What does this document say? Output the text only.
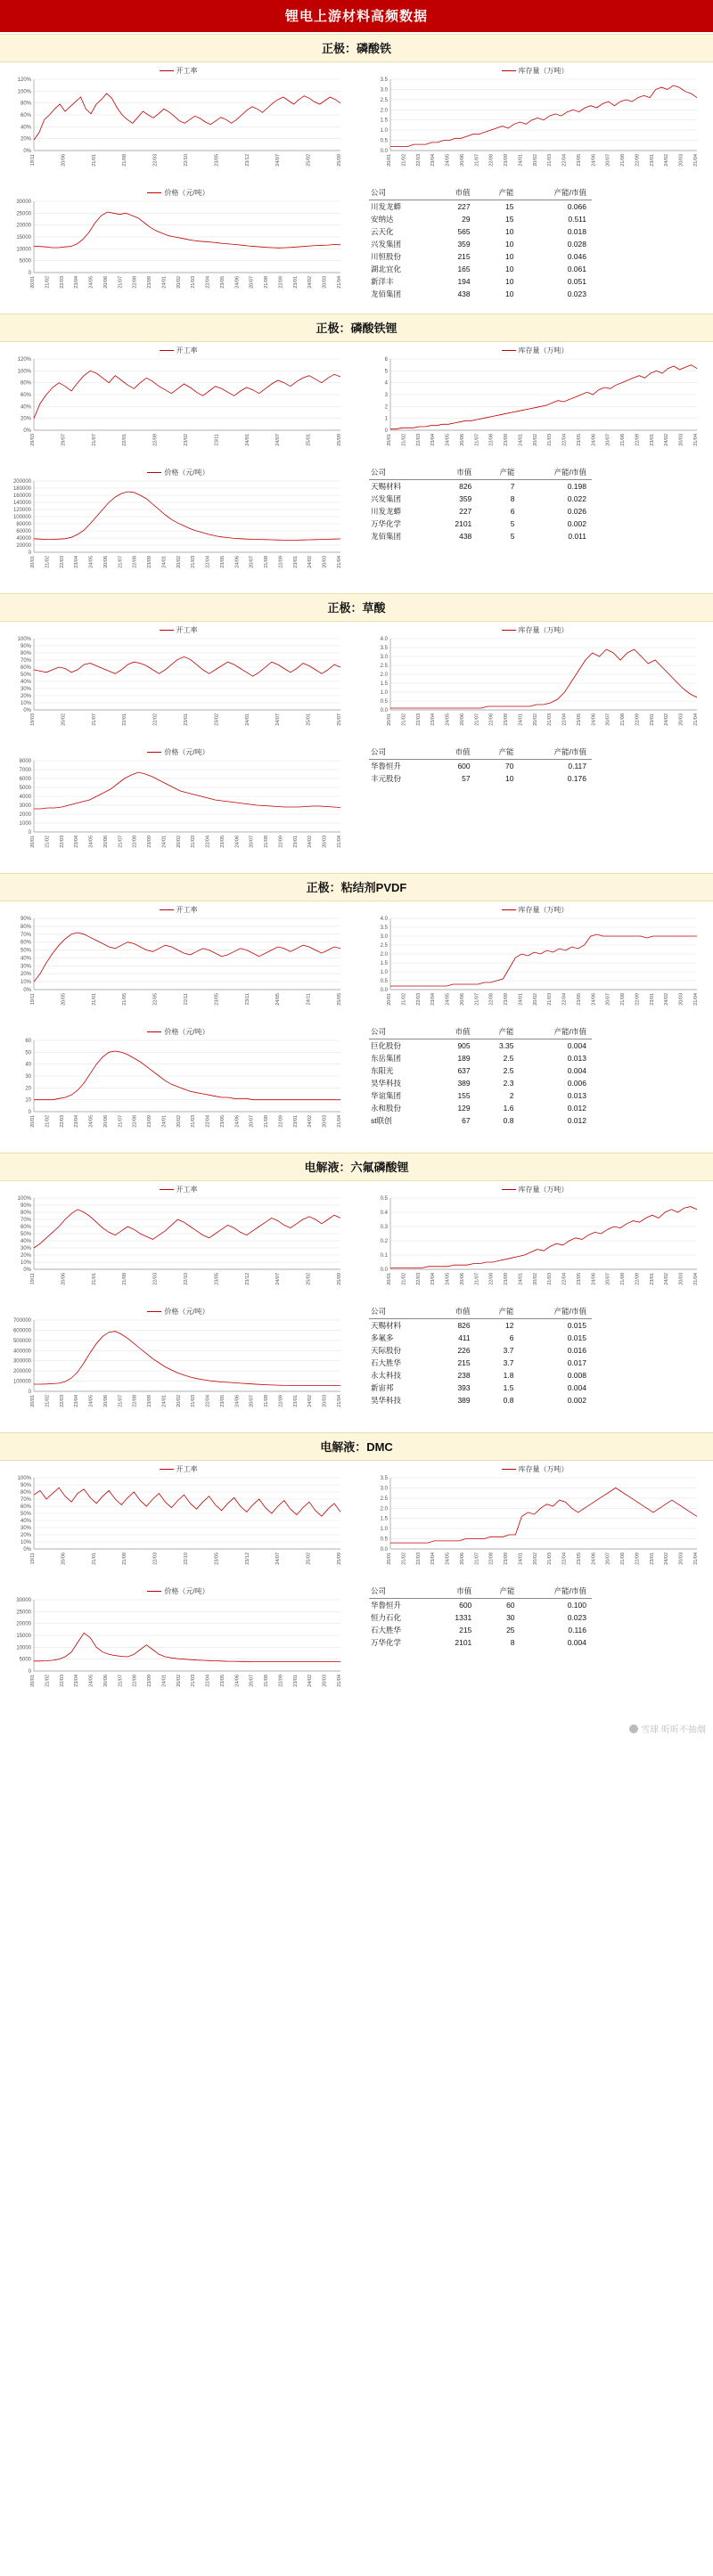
锂电上游材料高频数据
正极：磷酸铁
开工率
0%
20%
40%
60%
80%
100%
120%
19/11	20/06	21/01	21/08	22/03	22/10	23/05	23/12	24/07	25/02	25/09
价格（元/吨）
0
5000
10000
15000
20000
25000
30000
20/01 21/02 22/03 23/04 24/05 20/06 21/07 22/08 23/09 24/01 20/02 21/03 22/04 23/05 24/06 20/07 21/08 22/09 23/01 24/02 20/03 21/04
库存量（万吨）
0.0
0.5
1.0
1.5
2.0
2.5
3.0
3.5
20/01 21/02 22/03 23/04 24/05 20/06 21/07 22/08 23/09 24/01 20/02 21/03 22/04 23/05 24/06 20/07 21/08 22/09 23/01 24/02 20/03 21/04
公司	市值	产能	产能/市值
川发龙蟒	227	15	0.066
安纳达	29	15	0.511
云天化	565	10	0.018
兴发集团	359	10	0.028
川恒股份	215	10	0.046
湖北宜化	165	10	0.061
新洋丰	194	10	0.051
龙佰集团	438	10	0.023
正极：磷酸铁锂
开工率
0%
20%
40%
60%
80%
100%
120%
29/03	29/07	21/07	22/01	22/09	23/02	23/11	24/01	24/07	25/01	25/09
价格（元/吨）
0
20000
40000
60000
80000
100000
120000
140000
160000
180000
200000
20/01 21/02 22/03 23/04 24/05 20/06 21/07 22/08 23/09 24/01 20/02 21/03 22/04 23/05 24/06 20/07 21/08 22/09 23/01 24/02 20/03 21/04
库存量（万吨）
0
1
2
3
4
5
6
20/01 21/02 22/03 23/04 24/05 20/06 21/07 22/08 23/09 24/01 20/02 21/03 22/04 23/05 24/06 20/07 21/08 22/09 23/01 24/02 20/03 21/04
公司	市值	产能	产能/市值
天赐材料	826	7	0.198
兴发集团	359	8	0.022
川发龙蟒	227	6	0.026
万华化学	2101	5	0.002
龙佰集团	438	5	0.011
正极：草酸
开工率
0%
10%
20%
30%
40%
50%
60%
70%
80%
90%
100%
19/03	20/02	21/07	22/01	22/02	23/01	23/02	24/01	24/07	25/01	25/07
价格（元/吨）
0
1000
2000
3000
4000
5000
6000
7000
8000
20/01 21/02 22/03 23/04 24/05 20/06 21/07 22/08 23/09 24/01 20/02 21/03 22/04 23/05 24/06 20/07 21/08 22/09 23/01 24/02 20/03 21/04
库存量（万吨）
0.0
0.5
1.0
1.5
2.0
2.5
3.0
3.5
4.0
20/01 21/02 22/03 23/04 24/05 20/06 21/07 22/08 23/09 24/01 20/02 21/03 22/04 23/05 24/06 20/07 21/08 22/09 23/01 24/02 20/03 21/04
公司	市值	产能	产能/市值
华鲁恒升	600	70	0.117
丰元股份	57	10	0.176
正极：粘结剂PVDF
开工率
0%
10%
20%
30%
40%
50%
60%
70%
80%
90%
19/11	20/05	21/01	21/05	22/05	22/11	23/05	23/11	24/05	24/11	25/05
价格（元/吨）
0
10
20
30
40
50
60
20/01 21/02 22/03 23/04 24/05 20/06 21/07 22/08 23/09 24/01 20/02 21/03 22/04 23/05 24/06 20/07 21/08 22/09 23/01 24/02 20/03 21/04
库存量（万吨）
0.0
0.5
1.0
1.5
2.0
2.5
3.0
3.5
4.0
20/01 21/02 22/03 23/04 24/05 20/06 21/07 22/08 23/09 24/01 20/02 21/03 22/04 23/05 24/06 20/07 21/08 22/09 23/01 24/02 20/03 21/04
公司	市值	产能	产能/市值
巨化股份	905	3.35	0.004
东岳集团	189	2.5	0.013
东阳光	637	2.5	0.004
昊华科技	389	2.3	0.006
华谊集团	155	2	0.013
永和股份	129	1.6	0.012
st联创	67	0.8	0.012
电解液：六氟磷酸锂
开工率
0%
10%
20%
30%
40%
50%
60%
70%
80%
90%
100%
19/11	20/06	21/01	21/08	22/03	22/10	23/05	23/12	24/07	25/02	25/09
价格（元/吨）
0
100000
200000
300000
400000
500000
600000
700000
20/01 21/02 22/03 23/04 24/05 20/06 21/07 22/08 23/09 24/01 20/02 21/03 22/04 23/05 24/06 20/07 21/08 22/09 23/01 24/02 20/03 21/04
库存量（万吨）
0.0
0.1
0.2
0.3
0.4
0.5
20/01 21/02 22/03 23/04 24/05 20/06 21/07 22/08 23/09 24/01 20/02 21/03 22/04 23/05 24/06 20/07 21/08 22/09 23/01 24/02 20/03 21/04
公司	市值	产能	产能/市值
天赐材料	826	12	0.015
多氟多	411	6	0.015
天际股份	226	3.7	0.016
石大胜华	215	3.7	0.017
永太科技	238	1.8	0.008
新宙邦	393	1.5	0.004
昊华科技	389	0.8	0.002
电解液：DMC
开工率
0%
10%
20%
30%
40%
50%
60%
70%
80%
90%
100%
19/11	20/06	21/01	21/08	22/03	22/10	23/05	23/12	24/07	25/02	25/09
价格（元/吨）
0
5000
10000
15000
20000
25000
30000
20/01 21/02 22/03 23/04 24/05 20/06 21/07 22/08 23/09 24/01 20/02 21/03 22/04 23/05 24/06 20/07 21/08 22/09 23/01 24/02 20/03 21/04
库存量（万吨）
0.0
0.5
1.0
1.5
2.0
2.5
3.0
3.5
20/01 21/02 22/03 23/04 24/05 20/06 21/07 22/08 23/09 24/01 20/02 21/03 22/04 23/05 24/06 20/07 21/08 22/09 23/01 24/02 20/03 21/04
公司	市值	产能	产能/市值
华鲁恒升	600	60	0.100
恒力石化	1331	30	0.023
石大胜华	215	25	0.116
万华化学	2101	8	0.004
雪球 昕昕不抽烟
